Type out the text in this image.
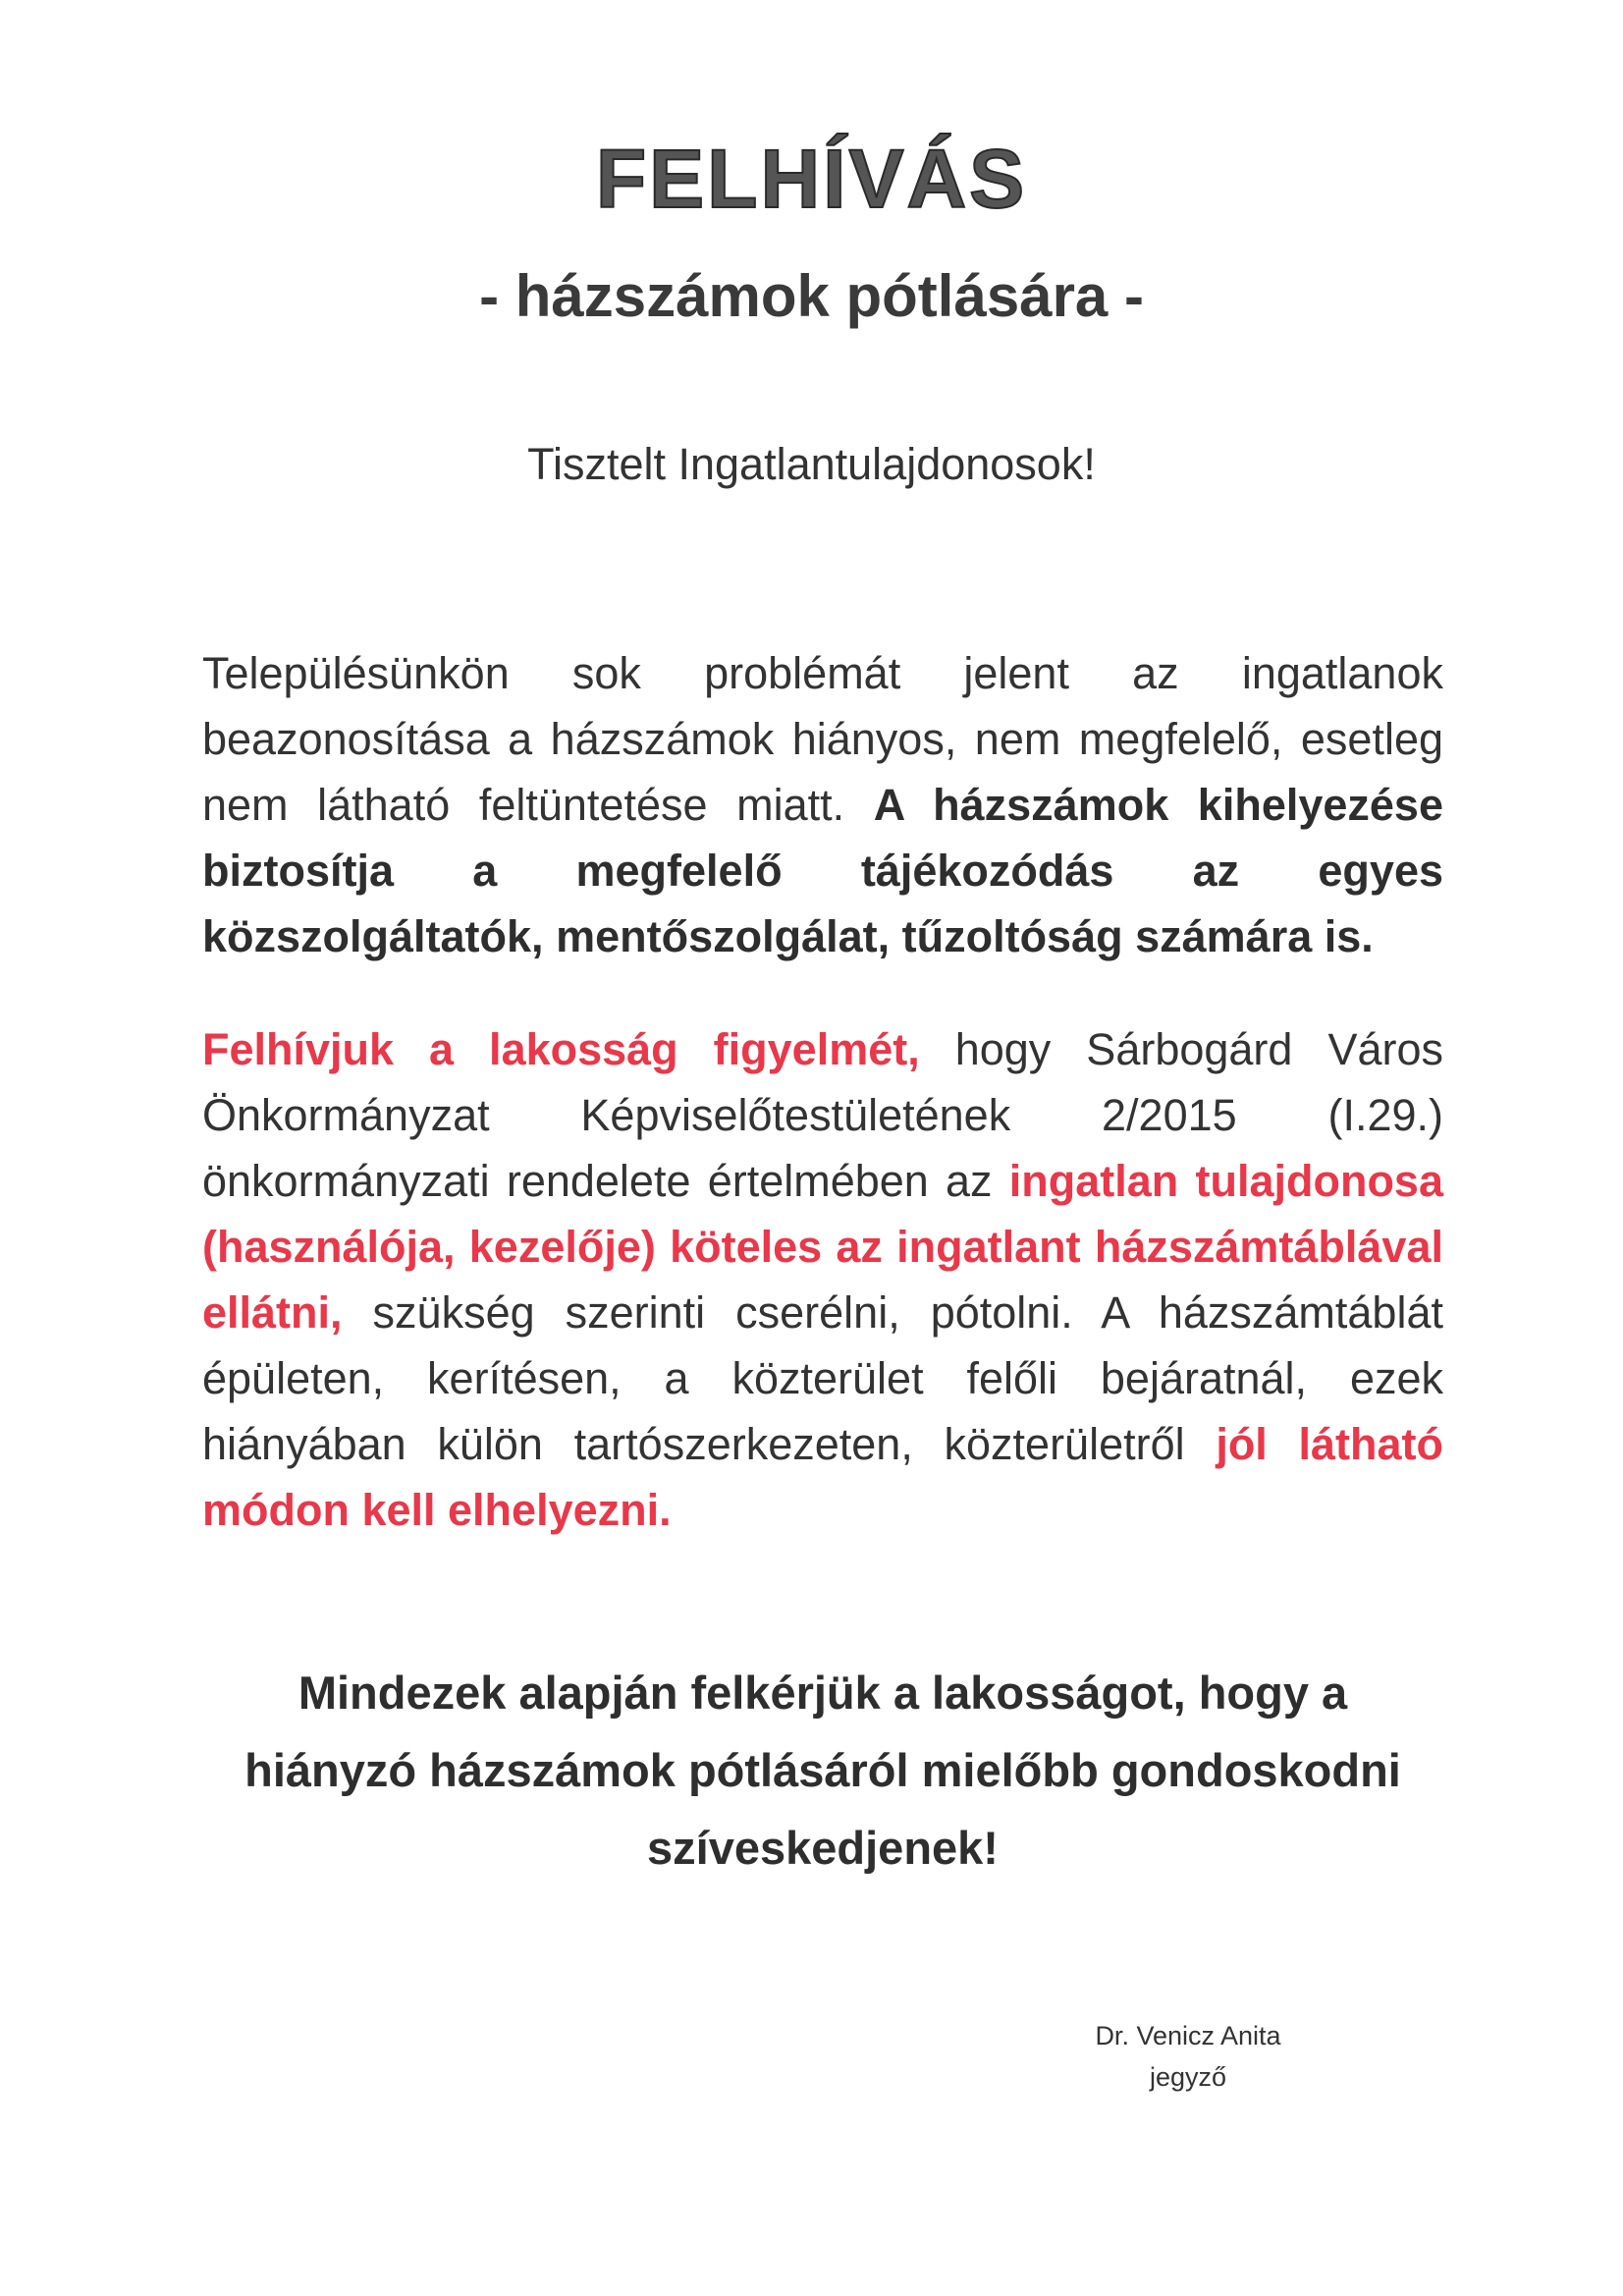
FELHÍVÁS
- házszámok pótlására -
Tisztelt Ingatlantulajdonosok!
Településünkön sok problémát jelent az ingatlanok beazonosítása a házszámok hiányos, nem megfelelő, esetleg nem látható feltüntetése miatt. A házszámok kihelyezése biztosítja a megfelelő tájékozódás az egyes közszolgáltatók, mentőszolgálat, tűzoltóság számára is.
Felhívjuk a lakosság figyelmét, hogy Sárbogárd Város Önkormányzat Képviselőtestületének 2/2015 (I.29.) önkormányzati rendelete értelmében az ingatlan tulajdonosa (használója, kezelője) köteles az ingatlant házszámtáblával ellátni, szükség szerinti cserélni, pótolni. A házszámtáblát épületen, kerítésen, a közterület felőli bejáratnál, ezek hiányában külön tartószerkezeten, közterületről jól látható módon kell elhelyezni.
Mindezek alapján felkérjük a lakosságot, hogy a
hiányzó házszámok pótlásáról mielőbb gondoskodni
szíveskedjenek!
Dr. Venicz Anita
jegyző
